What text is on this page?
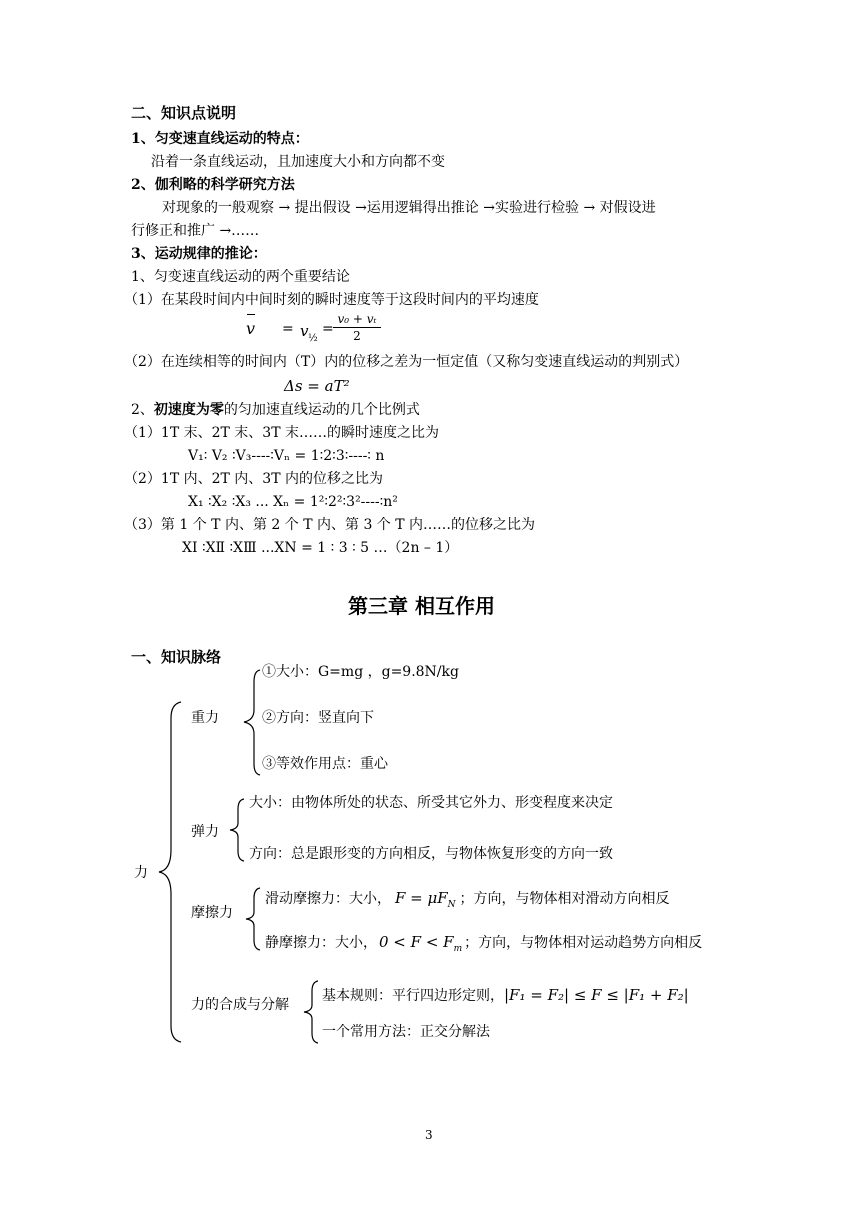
二、知识点说明
1、匀变速直线运动的特点：
沿着一条直线运动，且加速度大小和方向都不变
2、伽利略的科学研究方法
对现象的一般观察 → 提出假设 →运用逻辑得出推论 →实验进行检验 → 对假设进
行修正和推广 →……
3、运动规律的推论：
1、匀变速直线运动的两个重要结论
（1）在某段时间内中间时刻的瞬时速度等于这段时间内的平均速度
v = v ½
= $\frac{\text{v₀ + vₜ}}{2}$
（2）在连续相等的时间内（T）内的位移之差为一恒定值（又称匀变速直线运动的判别式）
Δs = aT²
2、初速度为零的匀加速直线运动的几个比例式
（1）1T 末、2T 末、3T 末……的瞬时速度之比为
V₁∶ V₂ ∶V₃----∶Vₙ = 1∶2∶3∶----∶ n
（2）1T 内、2T 内、3T 内的位移之比为
X₁ ∶X₂ ∶X₃ ... Xₙ = 1²∶2²∶3²----∶n²
（3）第 1 个 T 内、第 2 个 T 内、第 3 个 T 内……的位移之比为
XⅠ ∶XⅡ ∶XⅢ ...XN = 1 ∶ 3 ∶ 5 …（2n – 1）
第三章 相互作用
一、知识脉络
力
重力
①大小：G=mg ，g=9.8N/kg
②方向：竖直向下
③等效作用点：重心
弹力
大小：由物体所处的状态、所受其它外力、形变程度来决定
方向：总是跟形变的方向相反，与物体恢复形变的方向一致
摩擦力
滑动摩擦力：大小， $F = \mu F_N$ ；方向，与物体相对滑动方向相反
静摩擦力：大小， $0 < F < F_m$ ；方向，与物体相对运动趋势方向相反
力的合成与分解
基本规则：平行四边形定则，|F₁ = F₂| ≤ F ≤ |F₁ + F₂|
一个常用方法：正交分解法
3
